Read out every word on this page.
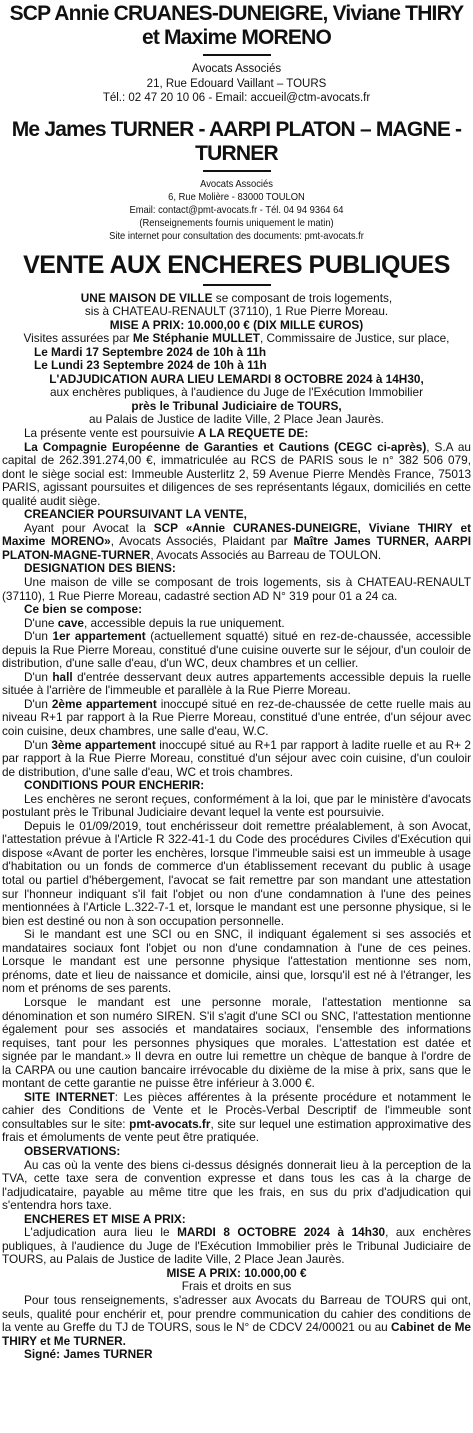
SCP Annie CRUANES-DUNEIGRE, Viviane THIRY
et Maxime MORENO
Avocats Associés
21, Rue Edouard Vaillant – TOURS
Tél.: 02 47 20 10 06 - Email: accueil@ctm-avocats.fr
Me James TURNER - AARPI PLATON – MAGNE - TURNER
Avocats Associés
6, Rue Molière - 83000 TOULON
Email: contact@pmt-avocats.fr - Tél. 04 94 9364 64
(Renseignements fournis uniquement le matin)
Site internet pour consultation des documents: pmt-avocats.fr
VENTE AUX ENCHERES PUBLIQUES

UNE MAISON DE VILLE se composant de trois logements,

sis à CHATEAU-RENAULT (37110), 1 Rue Pierre Moreau.

MISE A PRIX: 10.000,00 € (DIX MILLE €UROS)

Visites assurées par Me Stéphanie MULLET, Commissaire de Justice, sur place,

Le Mardi 17 Septembre 2024 de 10h à 11h

Le Lundi 23 Septembre 2024 de 10h à 11h

L'ADJUDICATION AURA LIEU LEMARDI 8 OCTOBRE 2024 à 14H30,

aux enchères publiques, à l'audience du Juge de l'Exécution Immobilier

près le Tribunal Judiciaire de TOURS,

au Palais de Justice de ladite Ville, 2 Place Jean Jaurès.

La présente vente est poursuivie A LA REQUETE DE:

La Compagnie Européenne de Garanties et Cautions (CEGC ci-après), S.A au capital de 262.391.274,00 €, immatriculée au RCS de PARIS sous le n° 382 506 079, dont le siège social est: Immeuble Austerlitz 2, 59 Avenue Pierre Mendès France, 75013 PARIS, agissant poursuites et diligences de ses représentants légaux, domiciliés en cette qualité audit siège.

CREANCIER POURSUIVANT LA VENTE,

Ayant pour Avocat la SCP «Annie CURANES-DUNEIGRE, Viviane THIRY et Maxime MORENO», Avocats Associés, Plaidant par Maître James TURNER, AARPI PLATON-MAGNE-TURNER, Avocats Associés au Barreau de TOULON.

DESIGNATION DES BIENS:

Une maison de ville se composant de trois logements, sis à CHATEAU-RENAULT (37110), 1 Rue Pierre Moreau, cadastré section AD N° 319 pour 01 a 24 ca.

Ce bien se compose:

D'une cave, accessible depuis la rue uniquement.

D'un 1er appartement (actuellement squatté) situé en rez-de-chaussée, accessible depuis la Rue Pierre Moreau, constitué d'une cuisine ouverte sur le séjour, d'un couloir de distribution, d'une salle d'eau, d'un WC, deux chambres et un cellier.

D'un hall d'entrée desservant deux autres appartements accessible depuis la ruelle située à l'arrière de l'immeuble et parallèle à la Rue Pierre Moreau.

D'un 2ème appartement inoccupé situé en rez-de-chaussée de cette ruelle mais au niveau R+1 par rapport à la Rue Pierre Moreau, constitué d'une entrée, d'un séjour avec coin cuisine, deux chambres, une salle d'eau, W.C.

D'un 3ème appartement inoccupé situé au R+1 par rapport à ladite ruelle et au R+ 2 par rapport à la Rue Pierre Moreau, constitué d'un séjour avec coin cuisine, d'un couloir de distribution, d'une salle d'eau, WC et trois chambres.

CONDITIONS POUR ENCHERIR:

Les enchères ne seront reçues, conformément à la loi, que par le ministère d'avocats postulant près le Tribunal Judiciaire devant lequel la vente est poursuivie.

Depuis le 01/09/2019, tout enchérisseur doit remettre préalablement, à son Avocat, l'attestation prévue à l'Article R 322-41-1 du Code des procédures Civiles d'Exécution qui dispose «Avant de porter les enchères, lorsque l'immeuble saisi est un immeuble à usage d'habitation ou un fonds de commerce d'un établissement recevant du public à usage total ou partiel d'hébergement, l'avocat se fait remettre par son mandant une attestation sur l'honneur indiquant s'il fait l'objet ou non d'une condamnation à l'une des peines mentionnées à l'Article L.322-7-1 et, lorsque le mandant est une personne physique, si le bien est destiné ou non à son occupation personnelle.

Si le mandant est une SCI ou en SNC, il indiquant également si ses associés et mandataires sociaux font l'objet ou non d'une condamnation à l'une de ces peines. Lorsque le mandant est une personne physique l'attestation mentionne ses nom, prénoms, date et lieu de naissance et domicile, ainsi que, lorsqu'il est né à l'étranger, les nom et prénoms de ses parents.

Lorsque le mandant est une personne morale, l'attestation mentionne sa dénomination et son numéro SIREN. S'il s'agit d'une SCI ou SNC, l'attestation mentionne également pour ses associés et mandataires sociaux, l'ensemble des informations requises, tant pour les personnes physiques que morales. L'attestation est datée et signée par le mandant.» Il devra en outre lui remettre un chèque de banque à l'ordre de la CARPA ou une caution bancaire irrévocable du dixième de la mise à prix, sans que le montant de cette garantie ne puisse être inférieur à 3.000 €.

SITE INTERNET: Les pièces afférentes à la présente procédure et notamment le cahier des Conditions de Vente et le Procès-Verbal Descriptif de l'immeuble sont consultables sur le site: pmt-avocats.fr, site sur lequel une estimation approximative des frais et émoluments de vente peut être pratiquée.

OBSERVATIONS:

Au cas où la vente des biens ci-dessus désignés donnerait lieu à la perception de la TVA, cette taxe sera de convention expresse et dans tous les cas à la charge de l'adjudicataire, payable au même titre que les frais, en sus du prix d'adjudication qui s'entendra hors taxe.

ENCHERES ET MISE A PRIX:

L'adjudication aura lieu le MARDI 8 OCTOBRE 2024 à 14h30, aux enchères publiques, à l'audience du Juge de l'Exécution Immobilier près le Tribunal Judiciaire de TOURS, au Palais de Justice de ladite Ville, 2 Place Jean Jaurès.

MISE A PRIX: 10.000,00 €

Frais et droits en sus

Pour tous renseignements, s'adresser aux Avocats du Barreau de TOURS qui ont, seuls, qualité pour enchérir et, pour prendre communication du cahier des conditions de la vente au Greffe du TJ de TOURS, sous le N° de CDCV 24/00021 ou au Cabinet de Me THIRY et Me TURNER.

Signé: James TURNER
